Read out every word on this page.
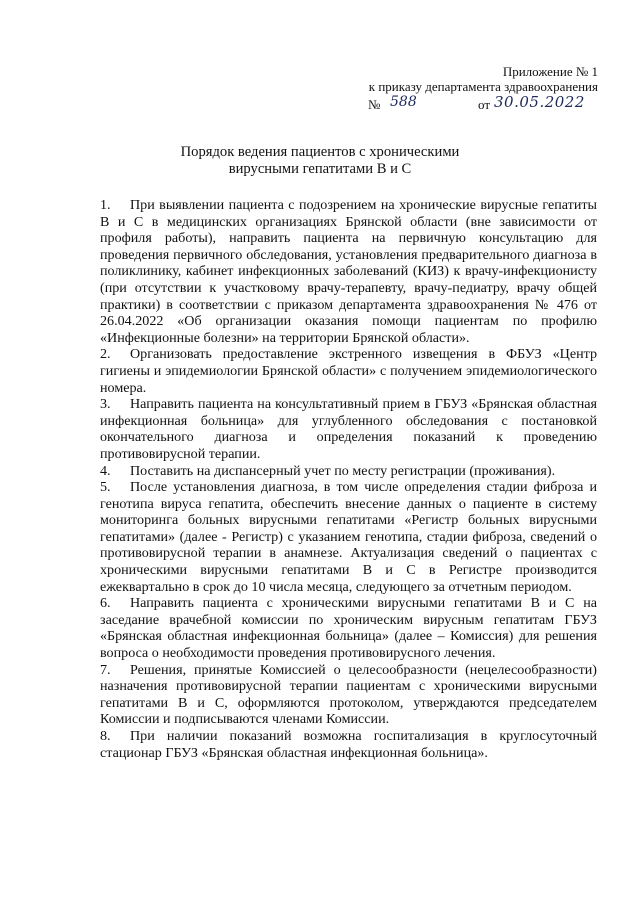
Приложение № 1
к приказу департамента здравоохранения
№ 588	от 30.05.2022
Порядок ведения пациентов с хроническими
вирусными гепатитами В и С

1. При выявлении пациента с подозрением на хронические вирусные гепатиты В и С в медицинских организациях Брянской области (вне зависимости от профиля работы), направить пациента на первичную консультацию для проведения первичного обследования, установления предварительного диагноза в поликлинику, кабинет инфекционных заболеваний (КИЗ) к врачу-инфекционисту (при отсутствии к участковому врачу-терапевту, врачу-педиатру, врачу общей практики) в соответствии с приказом департамента здравоохранения № 476 от 26.04.2022 «Об организации оказания помощи пациентам по профилю «Инфекционные болезни» на территории Брянской области».

2. Организовать предоставление экстренного извещения в ФБУЗ «Центр гигиены и эпидемиологии Брянской области» с получением эпидемиологического номера.

3. Направить пациента на консультативный прием в ГБУЗ «Брянская областная инфекционная больница» для углубленного обследования с постановкой окончательного диагноза и определения показаний к проведению противовирусной терапии.

4. Поставить на диспансерный учет по месту регистрации (проживания).

5. После установления диагноза, в том числе определения стадии фиброза и генотипа вируса гепатита, обеспечить внесение данных о пациенте в систему мониторинга больных вирусными гепатитами «Регистр больных вирусными гепатитами» (далее - Регистр) с указанием генотипа, стадии фиброза, сведений о противовирусной терапии в анамнезе. Актуализация сведений о пациентах с хроническими вирусными гепатитами В и С в Регистре производится ежеквартально в срок до 10 числа месяца, следующего за отчетным периодом.

6. Направить пациента с хроническими вирусными гепатитами В и С на заседание врачебной комиссии по хроническим вирусным гепатитам ГБУЗ «Брянская областная инфекционная больница» (далее – Комиссия) для решения вопроса о необходимости проведения противовирусного лечения.

7. Решения, принятые Комиссией о целесообразности (нецелесообразности) назначения противовирусной терапии пациентам с хроническими вирусными гепатитами В и С, оформляются протоколом, утверждаются председателем Комиссии и подписываются членами Комиссии.

8. При наличии показаний возможна госпитализация в круглосуточный стационар ГБУЗ «Брянская областная инфекционная больница».
